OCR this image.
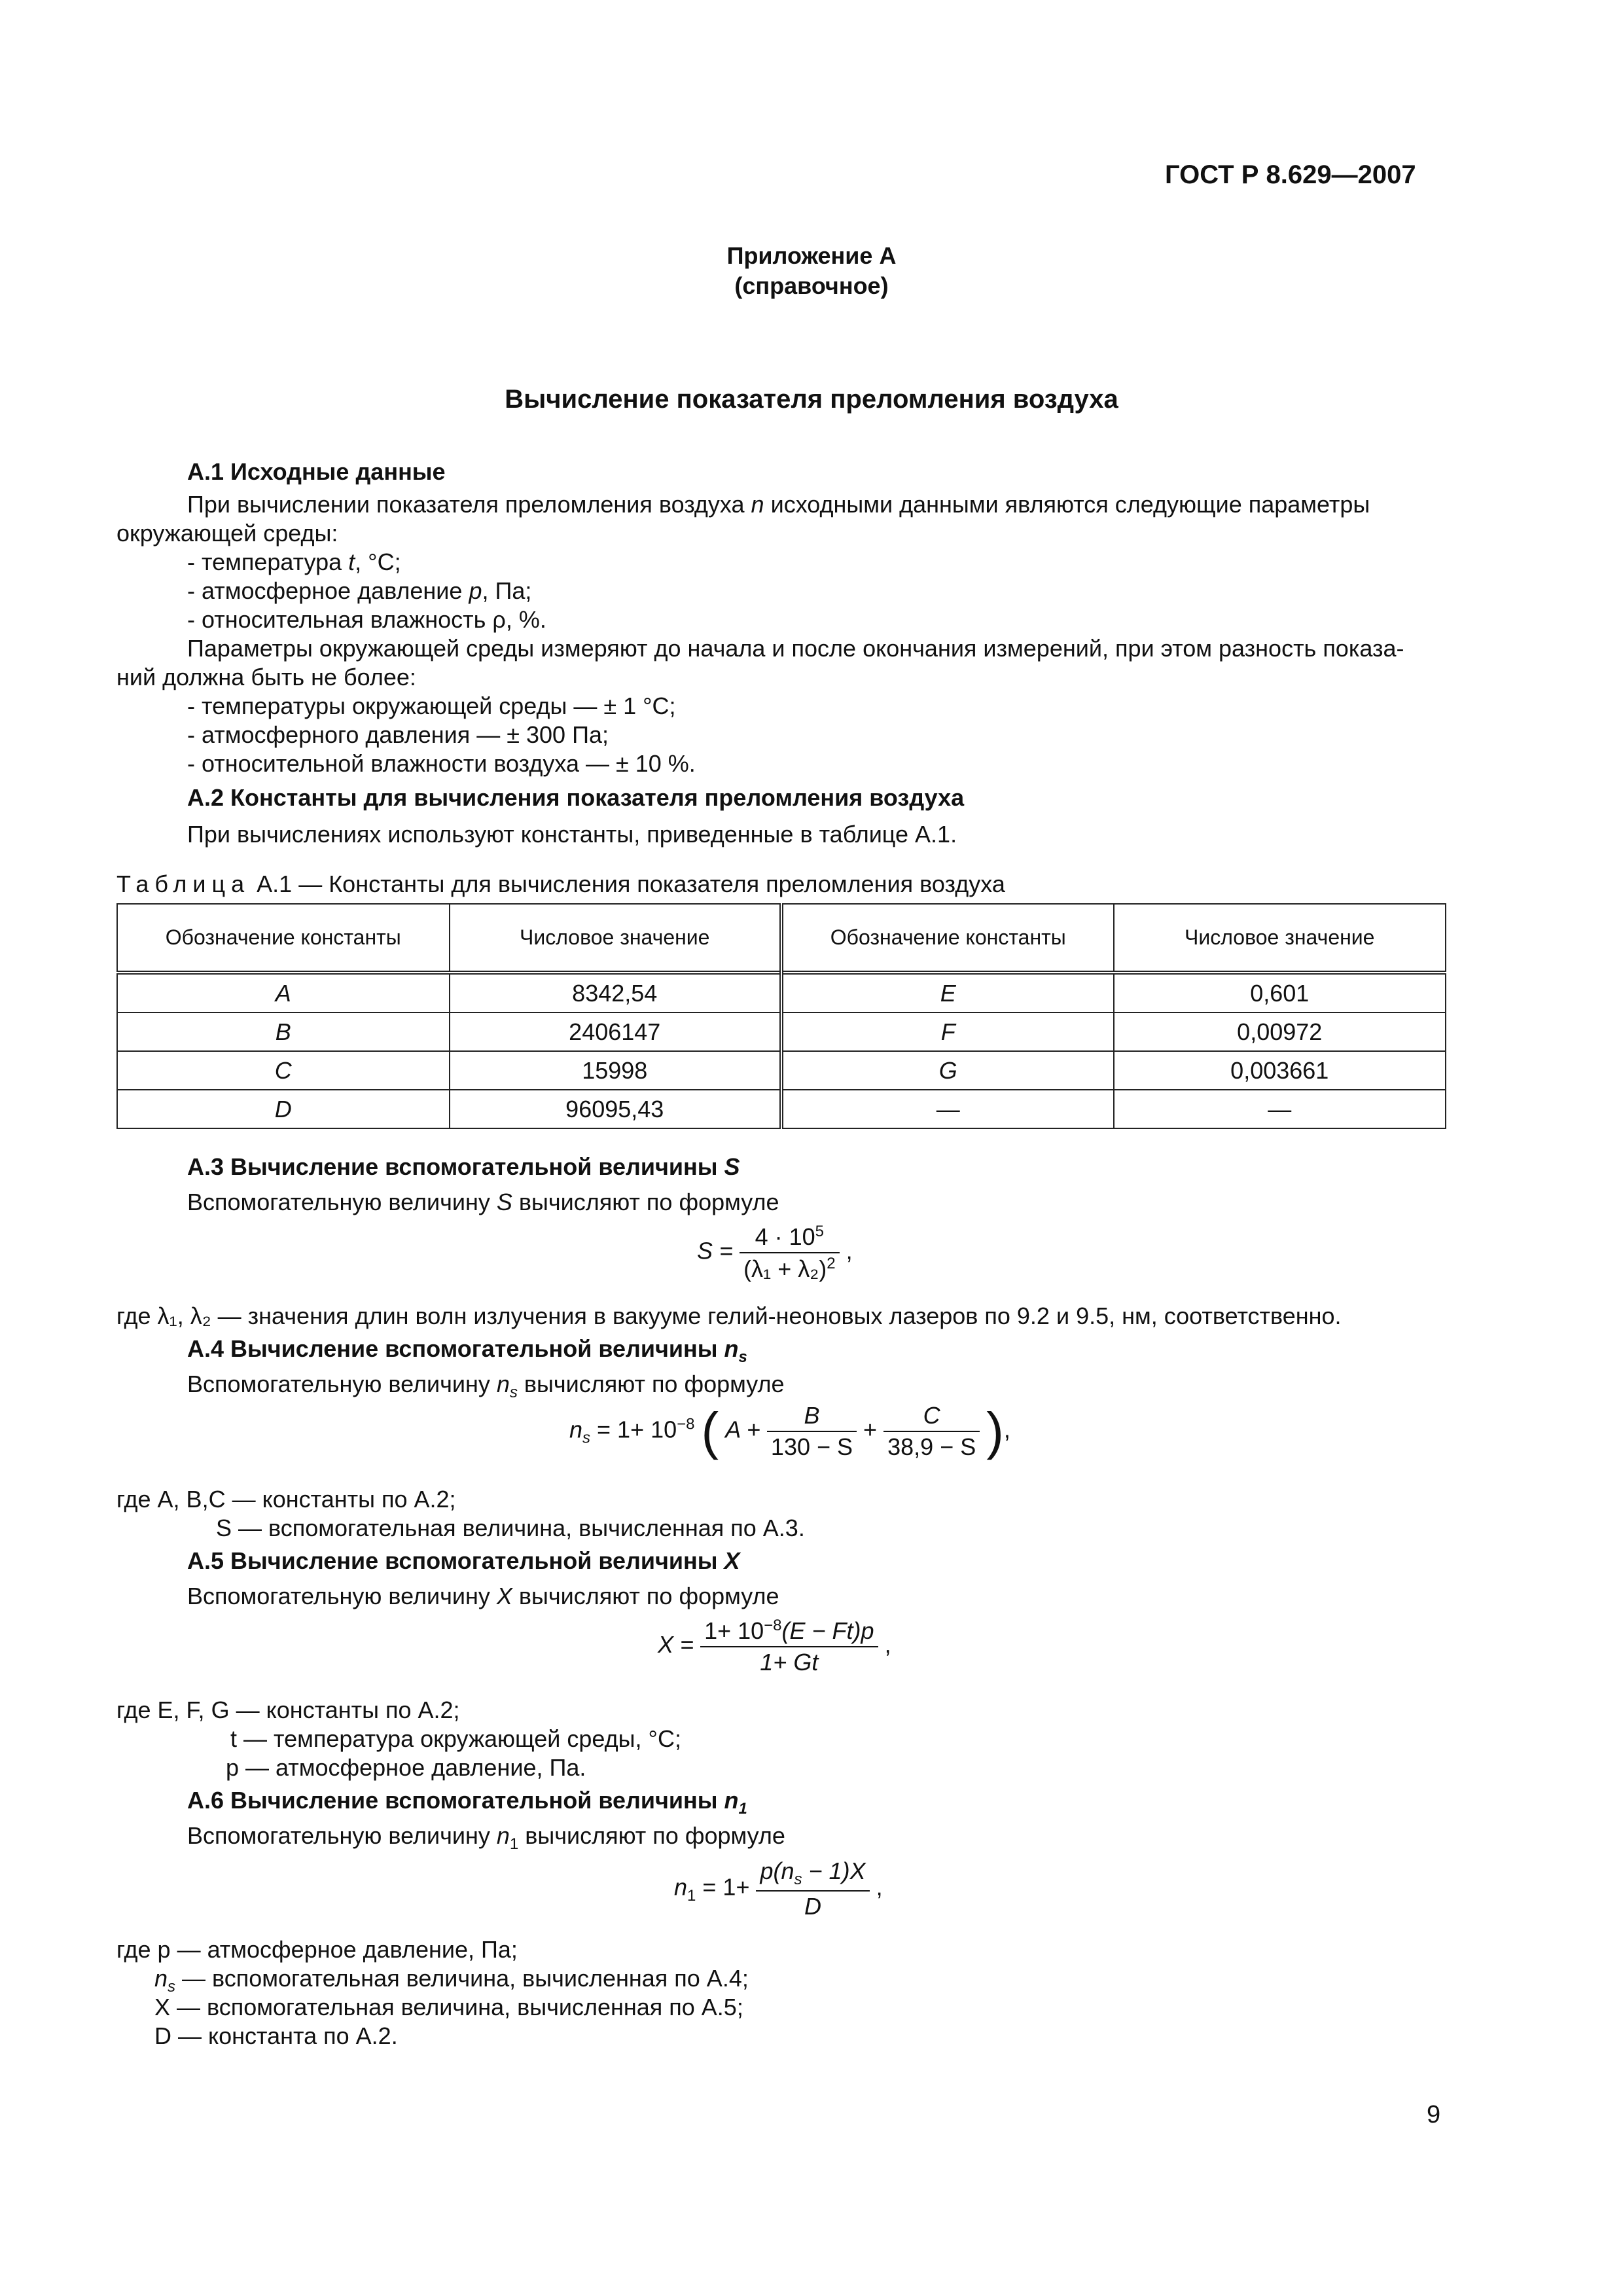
ГОСТ Р 8.629—2007
Приложение А
(справочное)
Вычисление показателя преломления воздуха
А.1 Исходные данные
При вычислении показателя преломления воздуха n исходными данными являются следующие параметры
окружающей среды:
- температура t, °С;
- атмосферное давление p, Па;
- относительная влажность ρ, %.
Параметры окружающей среды измеряют до начала и после окончания измерений, при этом разность показа-
ний должна быть не более:
- температуры окружающей среды — ± 1 °С;
- атмосферного давления — ± 300 Па;
- относительной влажности воздуха — ± 10 %.
А.2 Константы для вычисления показателя преломления воздуха
При вычислениях используют константы, приведенные в таблице А.1.
Таблица А.1 — Константы для вычисления показателя преломления воздуха
Обозначение константы	Числовое значение	Обозначение константы	Числовое значение
A	8342,54	E	0,601
B	2406147	F	0,00972
C	15998	G	0,003661
D	96095,43	—	—
А.3 Вычисление вспомогательной величины S
Вспомогательную величину S вычисляют по формуле
$S = \frac{4 \cdot 10^5}{(\lambda_1 + \lambda_2)^2}$ ,
где λ₁, λ₂ — значения длин волн излучения в вакууме гелий-неоновых лазеров по 9.2 и 9.5, нм, соответственно.
А.4 Вычисление вспомогательной величины $n_s$
Вспомогательную величину $n_s$ вычисляют по формуле
$n_s = 1+ 10^{-8}$ ( $A + \frac{B}{130 - S} + \frac{C}{38,9 - S}$ ),
где A, B,C — константы по А.2;
S — вспомогательная величина, вычисленная по А.3.
А.5 Вычисление вспомогательной величины X
Вспомогательную величину X вычисляют по формуле
$X = \frac{1+ 10^{-8}(E - Ft)p}{1+ Gt}$ ,
где E, F, G — константы по А.2;
t — температура окружающей среды, °С;
p — атмосферное давление, Па.
А.6 Вычисление вспомогательной величины $n_1$
Вспомогательную величину $n_1$ вычисляют по формуле
$n_1 = 1+ \frac{p(n_s - 1)X}{D}$ ,
где p — атмосферное давление, Па;
$n_s$ — вспомогательная величина, вычисленная по А.4;
X — вспомогательная величина, вычисленная по А.5;
D — константа по А.2.
9
